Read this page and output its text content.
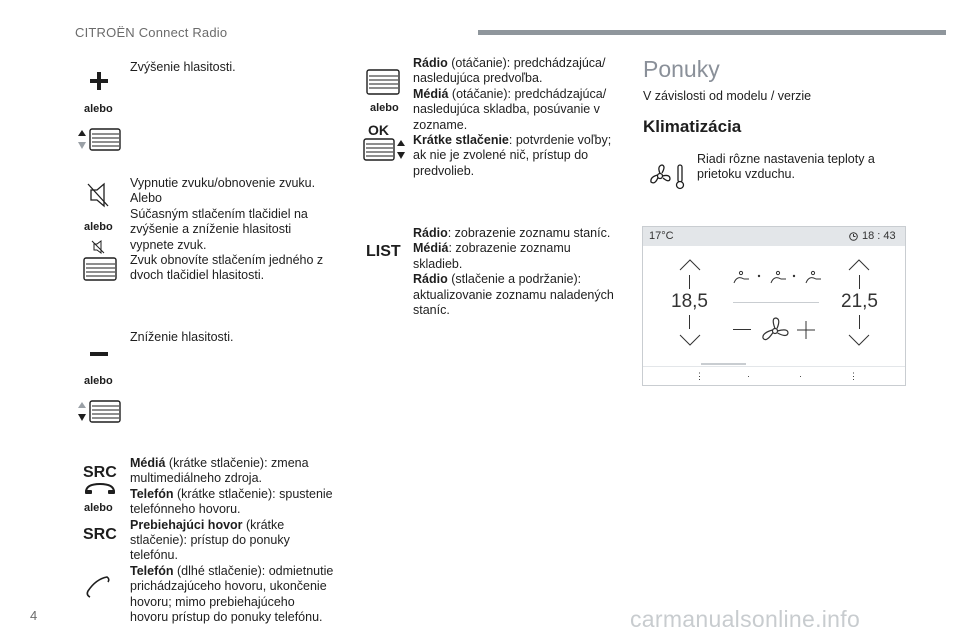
CITROËN Connect Radio
alebo
Zvýšenie hlasitosti.
alebo
Vypnutie zvuku/obnovenie zvuku.
Alebo
Súčasným stlačením tlačidiel na
zvýšenie a zníženie hlasitosti
vypnete zvuk.
Zvuk obnovíte stlačením jedného z
dvoch tlačidiel hlasitosti.
alebo
Zníženie hlasitosti.
SRC
alebo
SRC
Médiá (krátke stlačenie): zmena
multimediálneho zdroja.
Telefón (krátke stlačenie): spustenie
telefónneho hovoru.
Prebiehajúci hovor (krátke
stlačenie): prístup do ponuky
telefónu.
Telefón (dlhé stlačenie): odmietnutie
prichádzajúceho hovoru, ukončenie
hovoru; mimo prebiehajúceho
hovoru prístup do ponuky telefónu.
alebo
OK
Rádio (otáčanie): predchádzajúca/
nasledujúca predvoľba.
Médiá (otáčanie): predchádzajúca/
nasledujúca skladba, posúvanie v
zozname.
Krátke stlačenie: potvrdenie voľby;
ak nie je zvolené nič, prístup do
predvolieb.
LIST
Rádio: zobrazenie zoznamu staníc.
Médiá: zobrazenie zoznamu
skladieb.
Rádio (stlačenie a podržanie):
aktualizovanie zoznamu naladených
staníc.
Ponuky
V závislosti od modelu / verzie
Klimatizácia
Riadi rôzne nastavenia teploty a
prietoku vzduchu.
17°C	18 : 43
18,5	21,5
⋮	·	·	⋮
4	carmanualsonline.info
